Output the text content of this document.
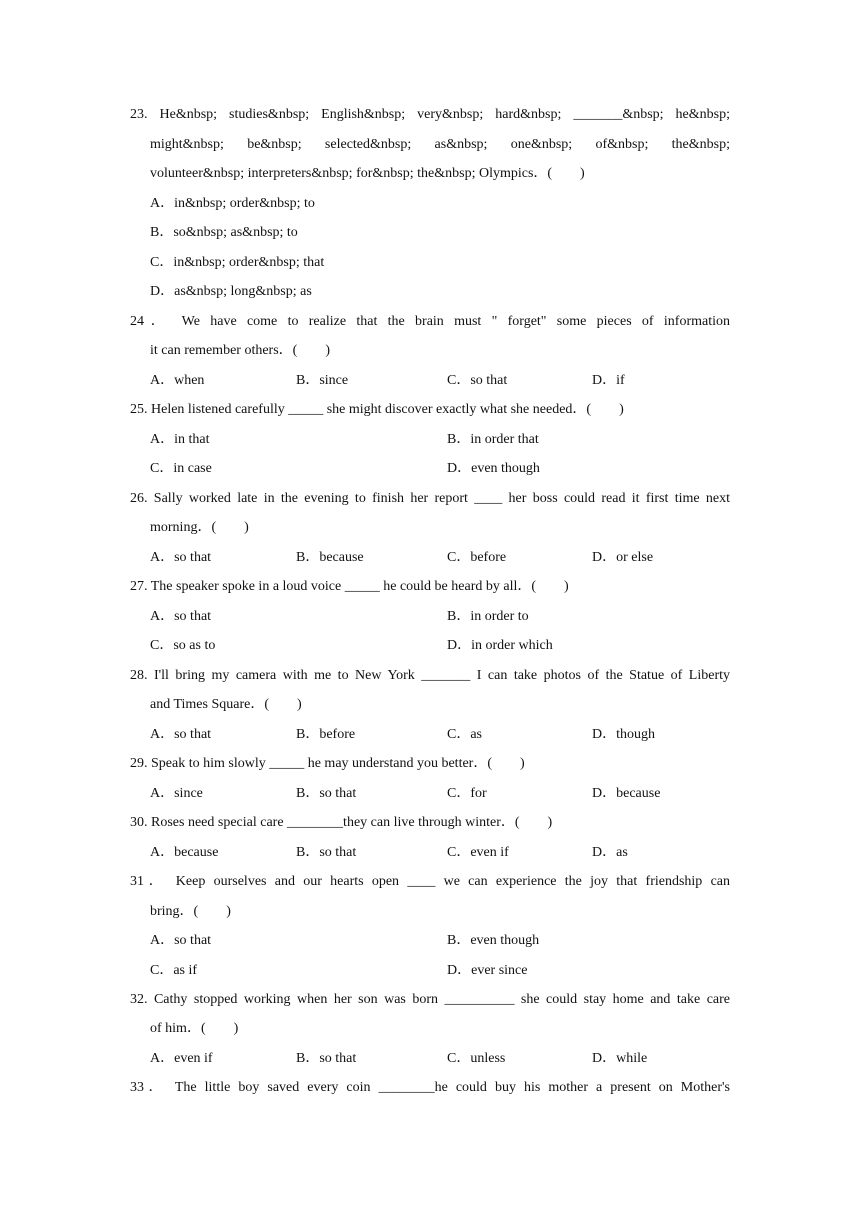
23. He&nbsp; studies&nbsp; English&nbsp; very&nbsp; hard&nbsp; _______&nbsp; he&nbsp;
might&nbsp; be&nbsp; selected&nbsp; as&nbsp; one&nbsp; of&nbsp; the&nbsp;
volunteer&nbsp; interpreters&nbsp; for&nbsp; the&nbsp; Olympics．(　　)
A．in&nbsp; order&nbsp; to
B．so&nbsp; as&nbsp; to
C．in&nbsp; order&nbsp; that
D．as&nbsp; long&nbsp; as
24． We have come to realize that the brain must " forget" some pieces of information
it can remember others．(　　)
A．when	B．since	C．so that	D．if
25. Helen listened carefully _____ she might discover exactly what she needed．(　　)
A．in that	B．in order that
C．in case	D．even though
26. Sally worked late in the evening to finish her report ____ her boss could read it first time next
morning．(　　)
A．so that	B．because	C．before	D．or else
27. The speaker spoke in a loud voice _____ he could be heard by all．(　　)
A．so that	B．in order to
C．so as to	D．in order which
28. I'll bring my camera with me to New York _______ I can take photos of the Statue of Liberty
and Times Square．(　　)
A．so that	B．before	C．as	D．though
29. Speak to him slowly _____ he may understand you better．(　　)
A．since	B．so that	C．for	D．because
30. Roses need special care ________they can live through winter．(　　)
A．because	B．so that	C．even if	D．as
31． Keep ourselves and our hearts open ____ we can experience the joy that friendship can
bring．(　　)
A．so that	B．even though
C．as if	D．ever since
32. Cathy stopped working when her son was born __________ she could stay home and take care
of him．(　　)
A．even if	B．so that	C．unless	D．while
33． The little boy saved every coin ________he could buy his mother a present on Mother's
